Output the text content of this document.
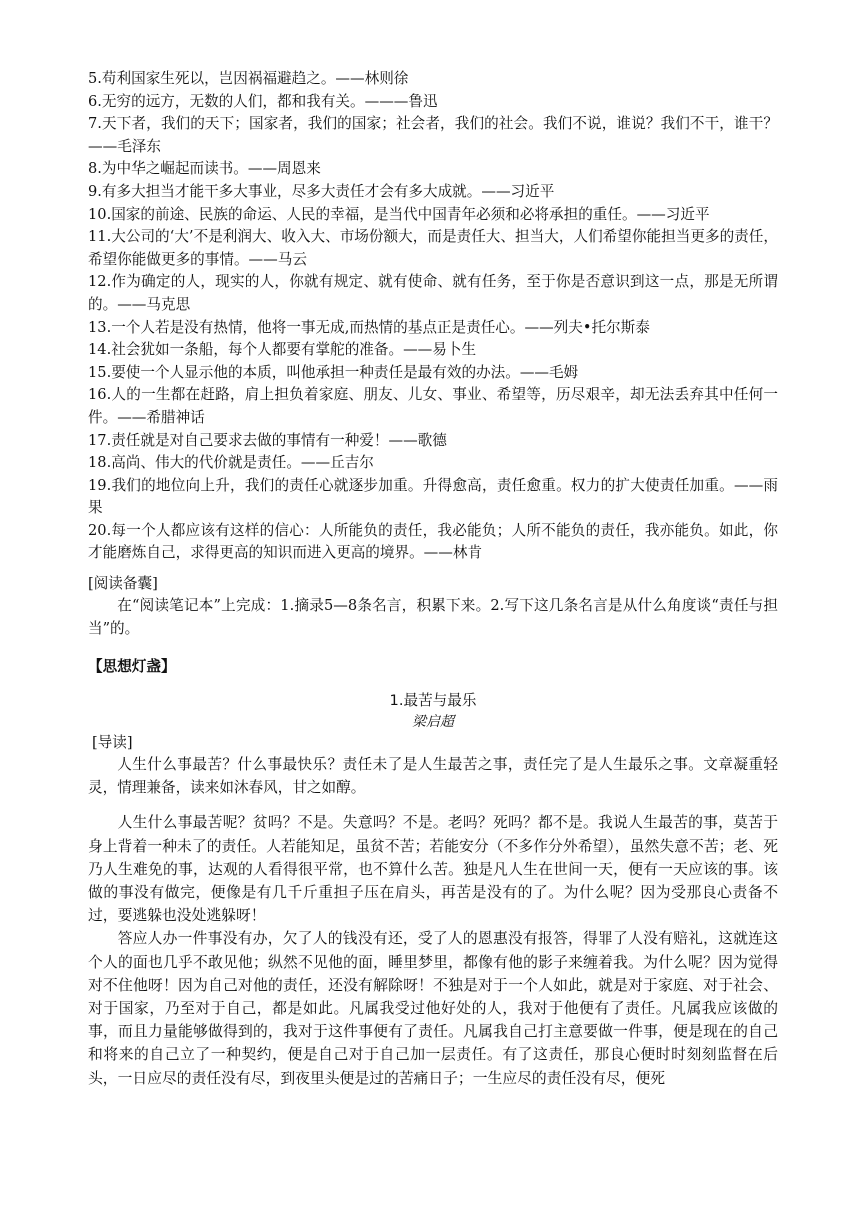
5.苟利国家生死以，岂因祸福避趋之。——林则徐

6.无穷的远方，无数的人们，都和我有关。———鲁迅

7.天下者，我们的天下；国家者，我们的国家；社会者，我们的社会。我们不说，谁说？我们不干，谁干？——毛泽东

8.为中华之崛起而读书。——周恩来

9.有多大担当才能干多大事业，尽多大责任才会有多大成就。——习近平

10.国家的前途、民族的命运、人民的幸福，是当代中国青年必须和必将承担的重任。——习近平

11.大公司的‘大’不是利润大、收入大、市场份额大，而是责任大、担当大，人们希望你能担当更多的责任，希望你能做更多的事情。——马云

12.作为确定的人，现实的人，你就有规定、就有使命、就有任务，至于你是否意识到这一点，那是无所谓的。——马克思

13.一个人若是没有热情，他将一事无成,而热情的基点正是责任心。——列夫•托尔斯泰

14.社会犹如一条船，每个人都要有掌舵的准备。——易卜生

15.要使一个人显示他的本质，叫他承担一种责任是最有效的办法。——毛姆

16.人的一生都在赶路，肩上担负着家庭、朋友、儿女、事业、希望等，历尽艰辛，却无法丢弃其中任何一件。——希腊神话

17.责任就是对自己要求去做的事情有一种爱！——歌德

18.高尚、伟大的代价就是责任。——丘吉尔

19.我们的地位向上升，我们的责任心就逐步加重。升得愈高，责任愈重。权力的扩大使责任加重。——雨果

20.每一个人都应该有这样的信心：人所能负的责任，我必能负；人所不能负的责任，我亦能负。如此，你才能磨炼自己，求得更高的知识而进入更高的境界。——林肯

[阅读备囊]

在“阅读笔记本”上完成：1.摘录5—8条名言，积累下来。2.写下这几条名言是从什么角度谈“责任与担当”的。

【思想灯盏】

1.最苦与最乐

梁启超

[导读]

人生什么事最苦？什么事最快乐？责任未了是人生最苦之事，责任完了是人生最乐之事。文章凝重轻灵，情理兼备，读来如沐春风，甘之如醇。

人生什么事最苦呢？贫吗？不是。失意吗？不是。老吗？死吗？都不是。我说人生最苦的事，莫苦于身上背着一种未了的责任。人若能知足，虽贫不苦；若能安分（不多作分外希望），虽然失意不苦；老、死乃人生难免的事，达观的人看得很平常，也不算什么苦。独是凡人生在世间一天，便有一天应该的事。该做的事没有做完，便像是有几千斤重担子压在肩头，再苦是没有的了。为什么呢？因为受那良心责备不过，要逃躲也没处逃躲呀！

答应人办一件事没有办，欠了人的钱没有还，受了人的恩惠没有报答，得罪了人没有赔礼，这就连这个人的面也几乎不敢见他；纵然不见他的面，睡里梦里，都像有他的影子来缠着我。为什么呢？因为觉得对不住他呀！因为自己对他的责任，还没有解除呀！不独是对于一个人如此，就是对于家庭、对于社会、对于国家，乃至对于自己，都是如此。凡属我受过他好处的人，我对于他便有了责任。凡属我应该做的事，而且力量能够做得到的，我对于这件事便有了责任。凡属我自己打主意要做一件事，便是现在的自己和将来的自己立了一种契约，便是自己对于自己加一层责任。有了这责任，那良心便时时刻刻监督在后头，一日应尽的责任没有尽，到夜里头便是过的苦痛日子；一生应尽的责任没有尽，便死
